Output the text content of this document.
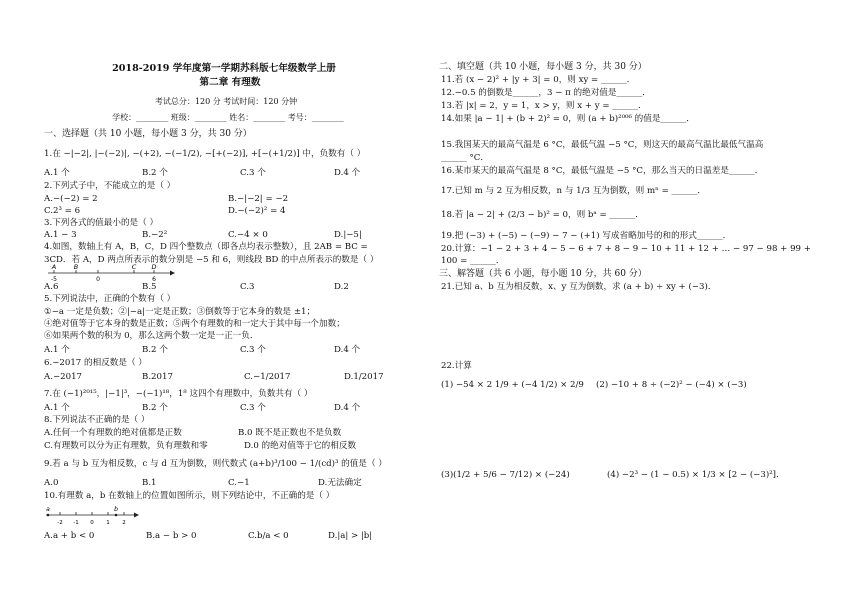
2018-2019 学年度第一学期苏科版七年级数学上册
第二章 有理数
考试总分：120 分 考试时间：120 分钟
学校：________ 班级：________ 姓名：________ 考号：________
一、选择题（共 10 小题，每小题 3 分，共 30 分）
1.在 −|−2|, |−(−2)|, −(+2), −(−1/2), −[+(−2)], +[−(+1/2)] 中，负数有（ ）
A.1 个	B.2 个	C.3 个	D.4 个
2.下列式子中，不能成立的是（ ）
A.−(−2) = 2	B.−|−2| = −2
C.2³ = 6	D.−(−2)² = 4
3.下列各式的值最小的是（ ）
A.1 − 3	B.−2²	C.−4 × 0	D.|−5|
4.如图，数轴上有 A，B，C，D 四个整数点（即各点均表示整数），且 2AB = BC =
3CD．若 A，D 两点所表示的数分别是 −5 和 6，则线段 BD 的中点所表示的数是（ ）
A	B	C D
-5	0	6
A.6	B.5	C.3	D.2
5.下列说法中，正确的个数有（ ）
①−a 一定是负数；②|−a|一定是正数；③倒数等于它本身的数是 ±1；
④绝对值等于它本身的数是正数；⑤两个有理数的和一定大于其中每一个加数；
⑥如果两个数的积为 0，那么这两个数一定是一正一负．
A.1 个	B.2 个	C.3 个	D.4 个
6.−2017 的相反数是（ ）
A.−2017	B.2017	C.−1/2017	D.1/2017
7.在 (−1)²⁰¹⁵，|−1|³，−(−1)¹⁸，1⁸ 这四个有理数中，负数共有（ ）
A.1 个	B.2 个	C.3 个	D.4 个
8.下列说法不正确的是（ ）
A.任何一个有理数的绝对值都是正数	B.0 既不是正数也不是负数
C.有理数可以分为正有理数，负有理数和零	D.0 的绝对值等于它的相反数
9.若 a 与 b 互为相反数，c 与 d 互为倒数，则代数式 (a+b)³/100 − 1/(cd)³ 的值是（ ）
A.0	B.1	C.−1	D.无法确定
10.有理数 a，b 在数轴上的位置如图所示，则下列结论中，不正确的是（ ）
a	b
-2 -1 0 1 2
A.a + b < 0	B.a − b > 0	C.b/a < 0	D.|a| > |b|
二、填空题（共 10 小题，每小题 3 分，共 30 分）
11.若 (x − 2)² + |y + 3| = 0，则 xy = ______．
12.−0.5 的倒数是______，3 − π 的绝对值是______．
13.若 |x| = 2，y = 1，x > y，则 x + y = ______．
14.如果 |a − 1| + (b + 2)² = 0，则 (a + b)²⁰⁰⁶ 的值是______．
15.我国某天的最高气温是 6 °C，最低气温 −5 °C，则这天的最高气温比最低气温高
______ °C．
16.某市某天的最高气温是 8 °C，最低气温是 −5 °C，那么当天的日温差是______．
17.已知 m 与 2 互为相反数，n 与 1/3 互为倒数，则 mⁿ = ______．
18.若 |a − 2| + (2/3 − b)² = 0，则 bᵃ = ______．
19.把 (−3) + (−5) − (−9) − 7 − (+1) 写成省略加号的和的形式______．
20.计算：−1 − 2 + 3 + 4 − 5 − 6 + 7 + 8 − 9 − 10 + 11 + 12 + … − 97 − 98 + 99 +
100 = ______．
三、解答题（共 6 小题，每小题 10 分，共 60 分）
21.已知 a、b 互为相反数，x、y 互为倒数，求 (a + b) ÷ xy + (−3)．
22.计算
(1) −54 × 2 1/9 + (−4 1/2) × 2/9 (2) −10 + 8 ÷ (−2)² − (−4) × (−3)
(3)(1/2 + 5/6 − 7/12) × (−24)	(4) −2³ − (1 − 0.5) × 1/3 × [2 − (−3)²]．
